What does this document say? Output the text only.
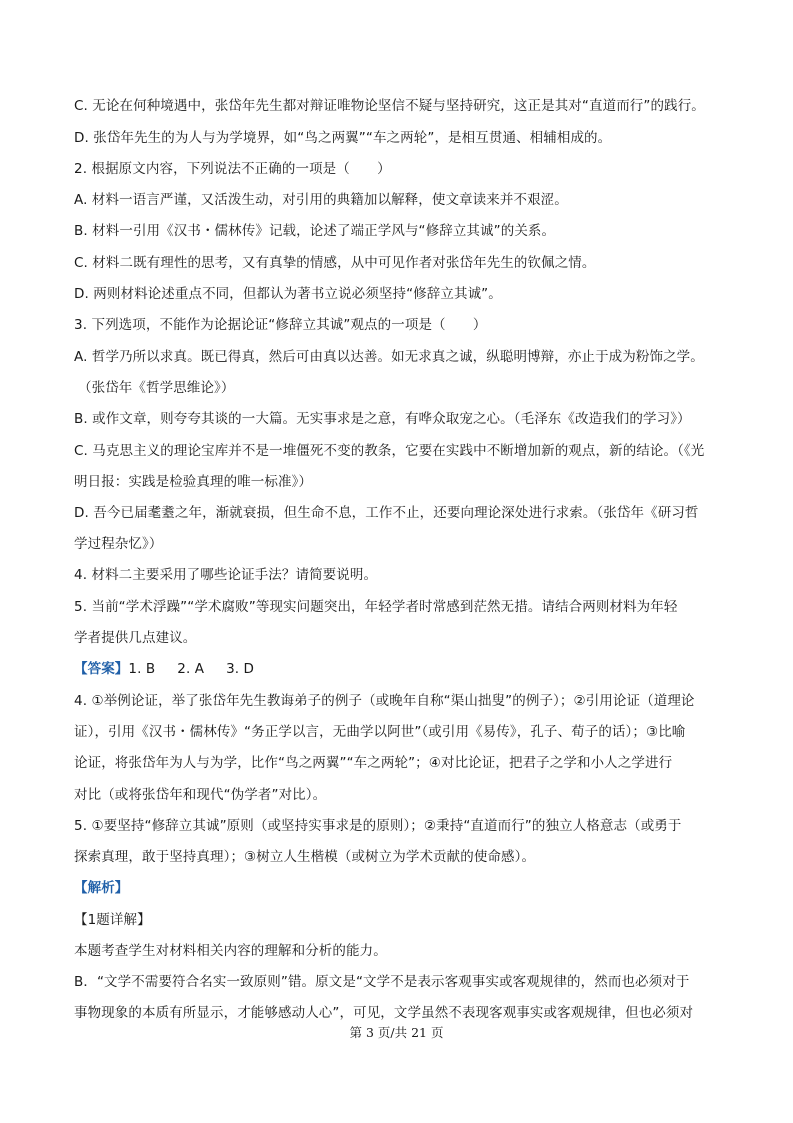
C. 无论在何种境遇中，张岱年先生都对辩证唯物论坚信不疑与坚持研究，这正是其对“直道而行”的践行。
D. 张岱年先生的为人与为学境界，如“鸟之两翼”“车之两轮”，是相互贯通、相辅相成的。
2. 根据原文内容，下列说法不正确的一项是（　　）
A. 材料一语言严谨，又活泼生动，对引用的典籍加以解释，使文章读来并不艰涩。
B. 材料一引用《汉书・儒林传》记载，论述了端正学风与“修辞立其诚”的关系。
C. 材料二既有理性的思考，又有真挚的情感，从中可见作者对张岱年先生的钦佩之情。
D. 两则材料论述重点不同，但都认为著书立说必须坚持“修辞立其诚”。
3. 下列选项，不能作为论据论证“修辞立其诚”观点的一项是（　　）
A. 哲学乃所以求真。既已得真，然后可由真以达善。如无求真之诚，纵聪明博辩，亦止于成为粉饰之学。
（张岱年《哲学思维论》）
B. 或作文章，则夸夸其谈的一大篇。无实事求是之意，有哗众取宠之心。（毛泽东《改造我们的学习》）
C. 马克思主义的理论宝库并不是一堆僵死不变的教条，它要在实践中不断增加新的观点，新的结论。（《光
明日报：实践是检验真理的唯一标准》）
D. 吾今已届耄耋之年，渐就衰损，但生命不息，工作不止，还要向理论深处进行求索。（张岱年《研习哲
学过程杂忆》）
4. 材料二主要采用了哪些论证手法？请简要说明。
5. 当前“学术浮躁”“学术腐败”等现实问题突出，年轻学者时常感到茫然无措。请结合两则材料为年轻
学者提供几点建议。
【答案】1. B 2. A 3. D
4. ①举例论证，举了张岱年先生教诲弟子的例子（或晚年自称“渠山拙叟”的例子）；②引用论证（道理论
证），引用《汉书・儒林传》“务正学以言，无曲学以阿世”（或引用《易传》，孔子、荀子的话）；③比喻
论证，将张岱年为人与为学，比作“鸟之两翼”“车之两轮”；④对比论证，把君子之学和小人之学进行
对比（或将张岱年和现代“伪学者”对比）。
5. ①要坚持“修辞立其诚”原则（或坚持实事求是的原则）；②秉持“直道而行”的独立人格意志（或勇于
探索真理，敢于坚持真理）；③树立人生楷模（或树立为学术贡献的使命感）。
【解析】
【1题详解】
本题考查学生对材料相关内容的理解和分析的能力。
B．“文学不需要符合名实一致原则”错。原文是“文学不是表示客观事实或客观规律的，然而也必须对于
事物现象的本质有所显示，才能够感动人心”，可见，文学虽然不表现客观事实或客观规律，但也必须对
第 3 页/共 21 页
